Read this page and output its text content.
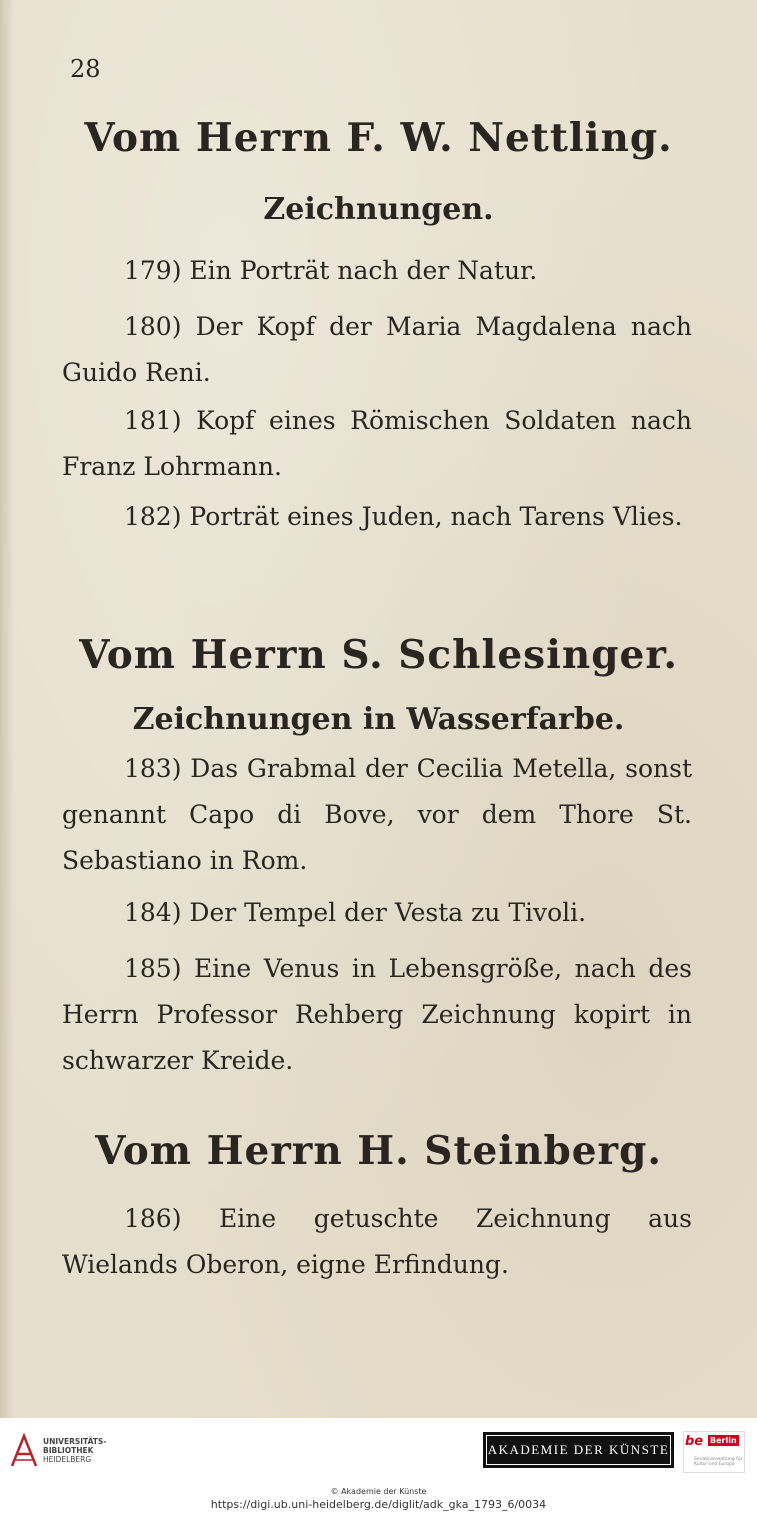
28
Vom Herrn F. W. Nettling.
Zeichnungen.
179) Ein Porträt nach der Natur.
180) Der Kopf der Maria Magdalena nach Guido Reni.
181) Kopf eines Römischen Soldaten nach Franz Lohrmann.
182) Porträt eines Juden, nach Tarens Vlies.
Vom Herrn S. Schlesinger.
Zeichnungen in Wasserfarbe.
183) Das Grabmal der Cecilia Metella, sonst genannt Capo di Bove, vor dem Thore St. Sebastiano in Rom.
184) Der Tempel der Vesta zu Tivoli.
185) Eine Venus in Lebensgröße, nach des Herrn Professor Rehberg Zeichnung kopirt in schwarzer Kreide.
Vom Herrn H. Steinberg.
186) Eine getuschte Zeichnung aus Wielands Oberon, eigne Erfindung.
UNIVERSITÄTS-
BIBLIOTHEK
HEIDELBERG
AKADEMIE DER KÜNSTE
be Berlin
Senatsverwaltung für Kultur und Europa
© Akademie der Künste
https://digi.ub.uni-heidelberg.de/diglit/adk_gka_1793_6/0034
